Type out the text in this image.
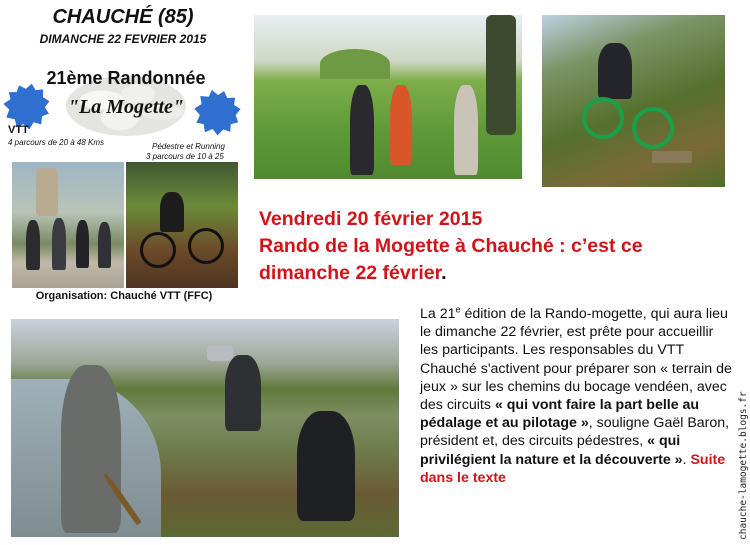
CHAUCHÉ (85)
DIMANCHE 22 FEVRIER 2015
21ème Randonnée
"La Mogette"
VTT
4 parcours de 20 à 48 Kms	Pédestre et Running
3 parcours de 10 à 25
Organisation: Chauché VTT (FFC)
Vendredi 20 février 2015
Rando de la Mogette à Chauché : c’est ce
dimanche 22 février.
La 21e édition de la Rando-mogette, qui aura lieu le dimanche 22 février, est prête pour accueillir les participants. Les responsables du VTT Chauché s'activent pour préparer son « terrain de jeux » sur les chemins du bocage vendéen, avec des circuits « qui vont faire la part belle au pédalage et au pilotage », souligne Gaël Baron, président et, des circuits pédestres, « qui privilégient la nature et la découverte ». Suite dans le texte	chauche-lamogette.blogs.fr
